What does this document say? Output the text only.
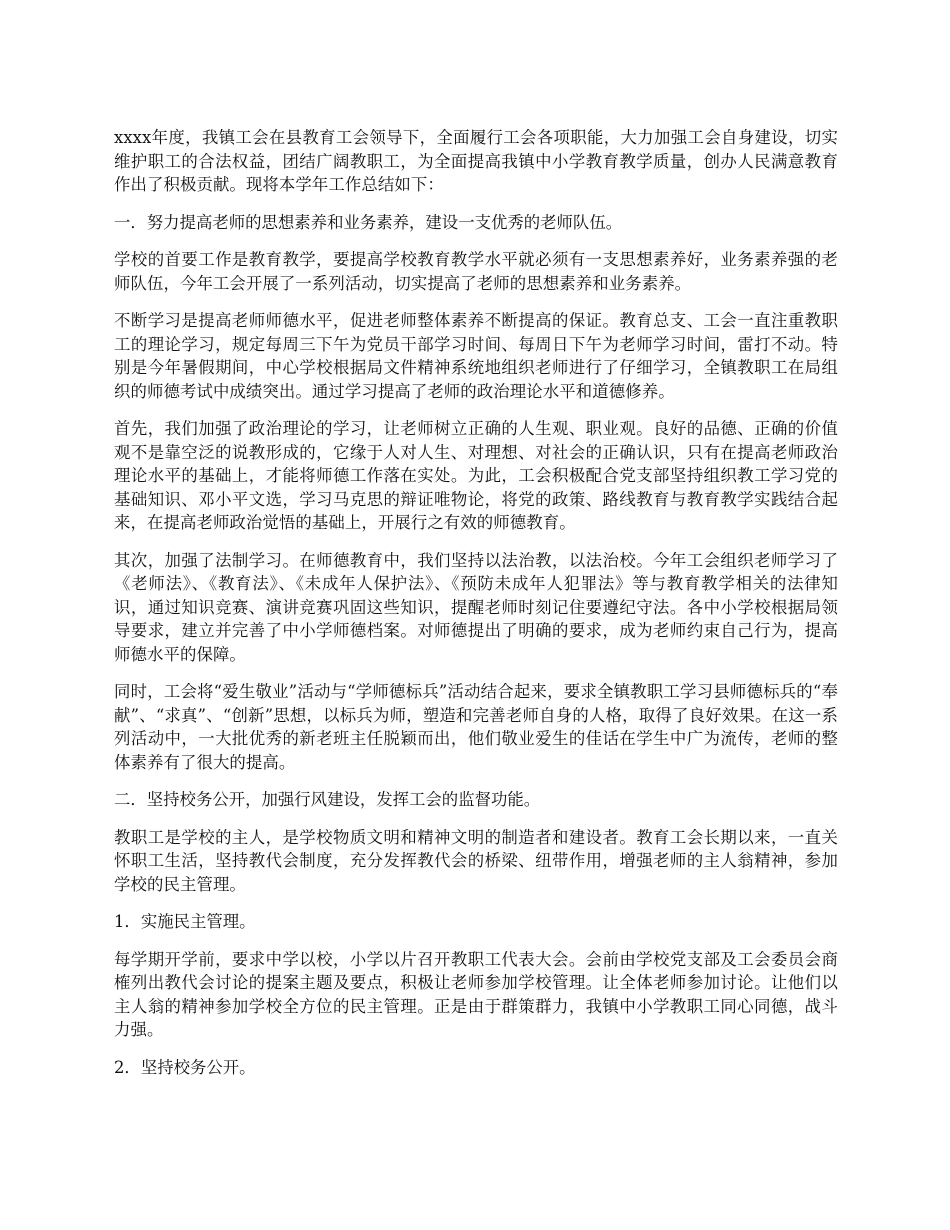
xxxx年度，我镇工会在县教育工会领导下，全面履行工会各项职能，大力加强工会自身建设，切实维护职工的合法权益，团结广阔教职工，为全面提高我镇中小学教育教学质量，创办人民满意教育作出了积极贡献。现将本学年工作总结如下：

一．努力提高老师的思想素养和业务素养，建设一支优秀的老师队伍。

学校的首要工作是教育教学，要提高学校教育教学水平就必须有一支思想素养好，业务素养强的老师队伍，今年工会开展了一系列活动，切实提高了老师的思想素养和业务素养。

不断学习是提高老师师德水平，促进老师整体素养不断提高的保证。教育总支、工会一直注重教职工的理论学习，规定每周三下午为党员干部学习时间、每周日下午为老师学习时间，雷打不动。特别是今年暑假期间，中心学校根据局文件精神系统地组织老师进行了仔细学习，全镇教职工在局组织的师德考试中成绩突出。通过学习提高了老师的政治理论水平和道德修养。

首先，我们加强了政治理论的学习，让老师树立正确的人生观、职业观。良好的品德、正确的价值观不是靠空泛的说教形成的，它缘于人对人生、对理想、对社会的正确认识，只有在提高老师政治理论水平的基础上，才能将师德工作落在实处。为此，工会积极配合党支部坚持组织教工学习党的基础知识、邓小平文选，学习马克思的辩证唯物论，将党的政策、路线教育与教育教学实践结合起来，在提高老师政治觉悟的基础上，开展行之有效的师德教育。

其次，加强了法制学习。在师德教育中，我们坚持以法治教，以法治校。今年工会组织老师学习了《老师法》、《教育法》、《未成年人保护法》、《预防未成年人犯罪法》等与教育教学相关的法律知识，通过知识竞赛、演讲竞赛巩固这些知识，提醒老师时刻记住要遵纪守法。各中小学校根据局领导要求，建立并完善了中小学师德档案。对师德提出了明确的要求，成为老师约束自己行为，提高师德水平的保障。

同时，工会将“爱生敬业”活动与“学师德标兵”活动结合起来，要求全镇教职工学习县师德标兵的“奉献”、“求真”、“创新”思想，以标兵为师，塑造和完善老师自身的人格，取得了良好效果。在这一系列活动中，一大批优秀的新老班主任脱颖而出，他们敬业爱生的佳话在学生中广为流传，老师的整体素养有了很大的提高。

二．坚持校务公开，加强行风建设，发挥工会的监督功能。

教职工是学校的主人，是学校物质文明和精神文明的制造者和建设者。教育工会长期以来，一直关怀职工生活，坚持教代会制度，充分发挥教代会的桥梁、纽带作用，增强老师的主人翁精神，参加学校的民主管理。

1．实施民主管理。

每学期开学前，要求中学以校，小学以片召开教职工代表大会。会前由学校党支部及工会委员会商榷列出教代会讨论的提案主题及要点，积极让老师参加学校管理。让全体老师参加讨论。让他们以主人翁的精神参加学校全方位的民主管理。正是由于群策群力，我镇中小学教职工同心同德，战斗力强。

2．坚持校务公开。
